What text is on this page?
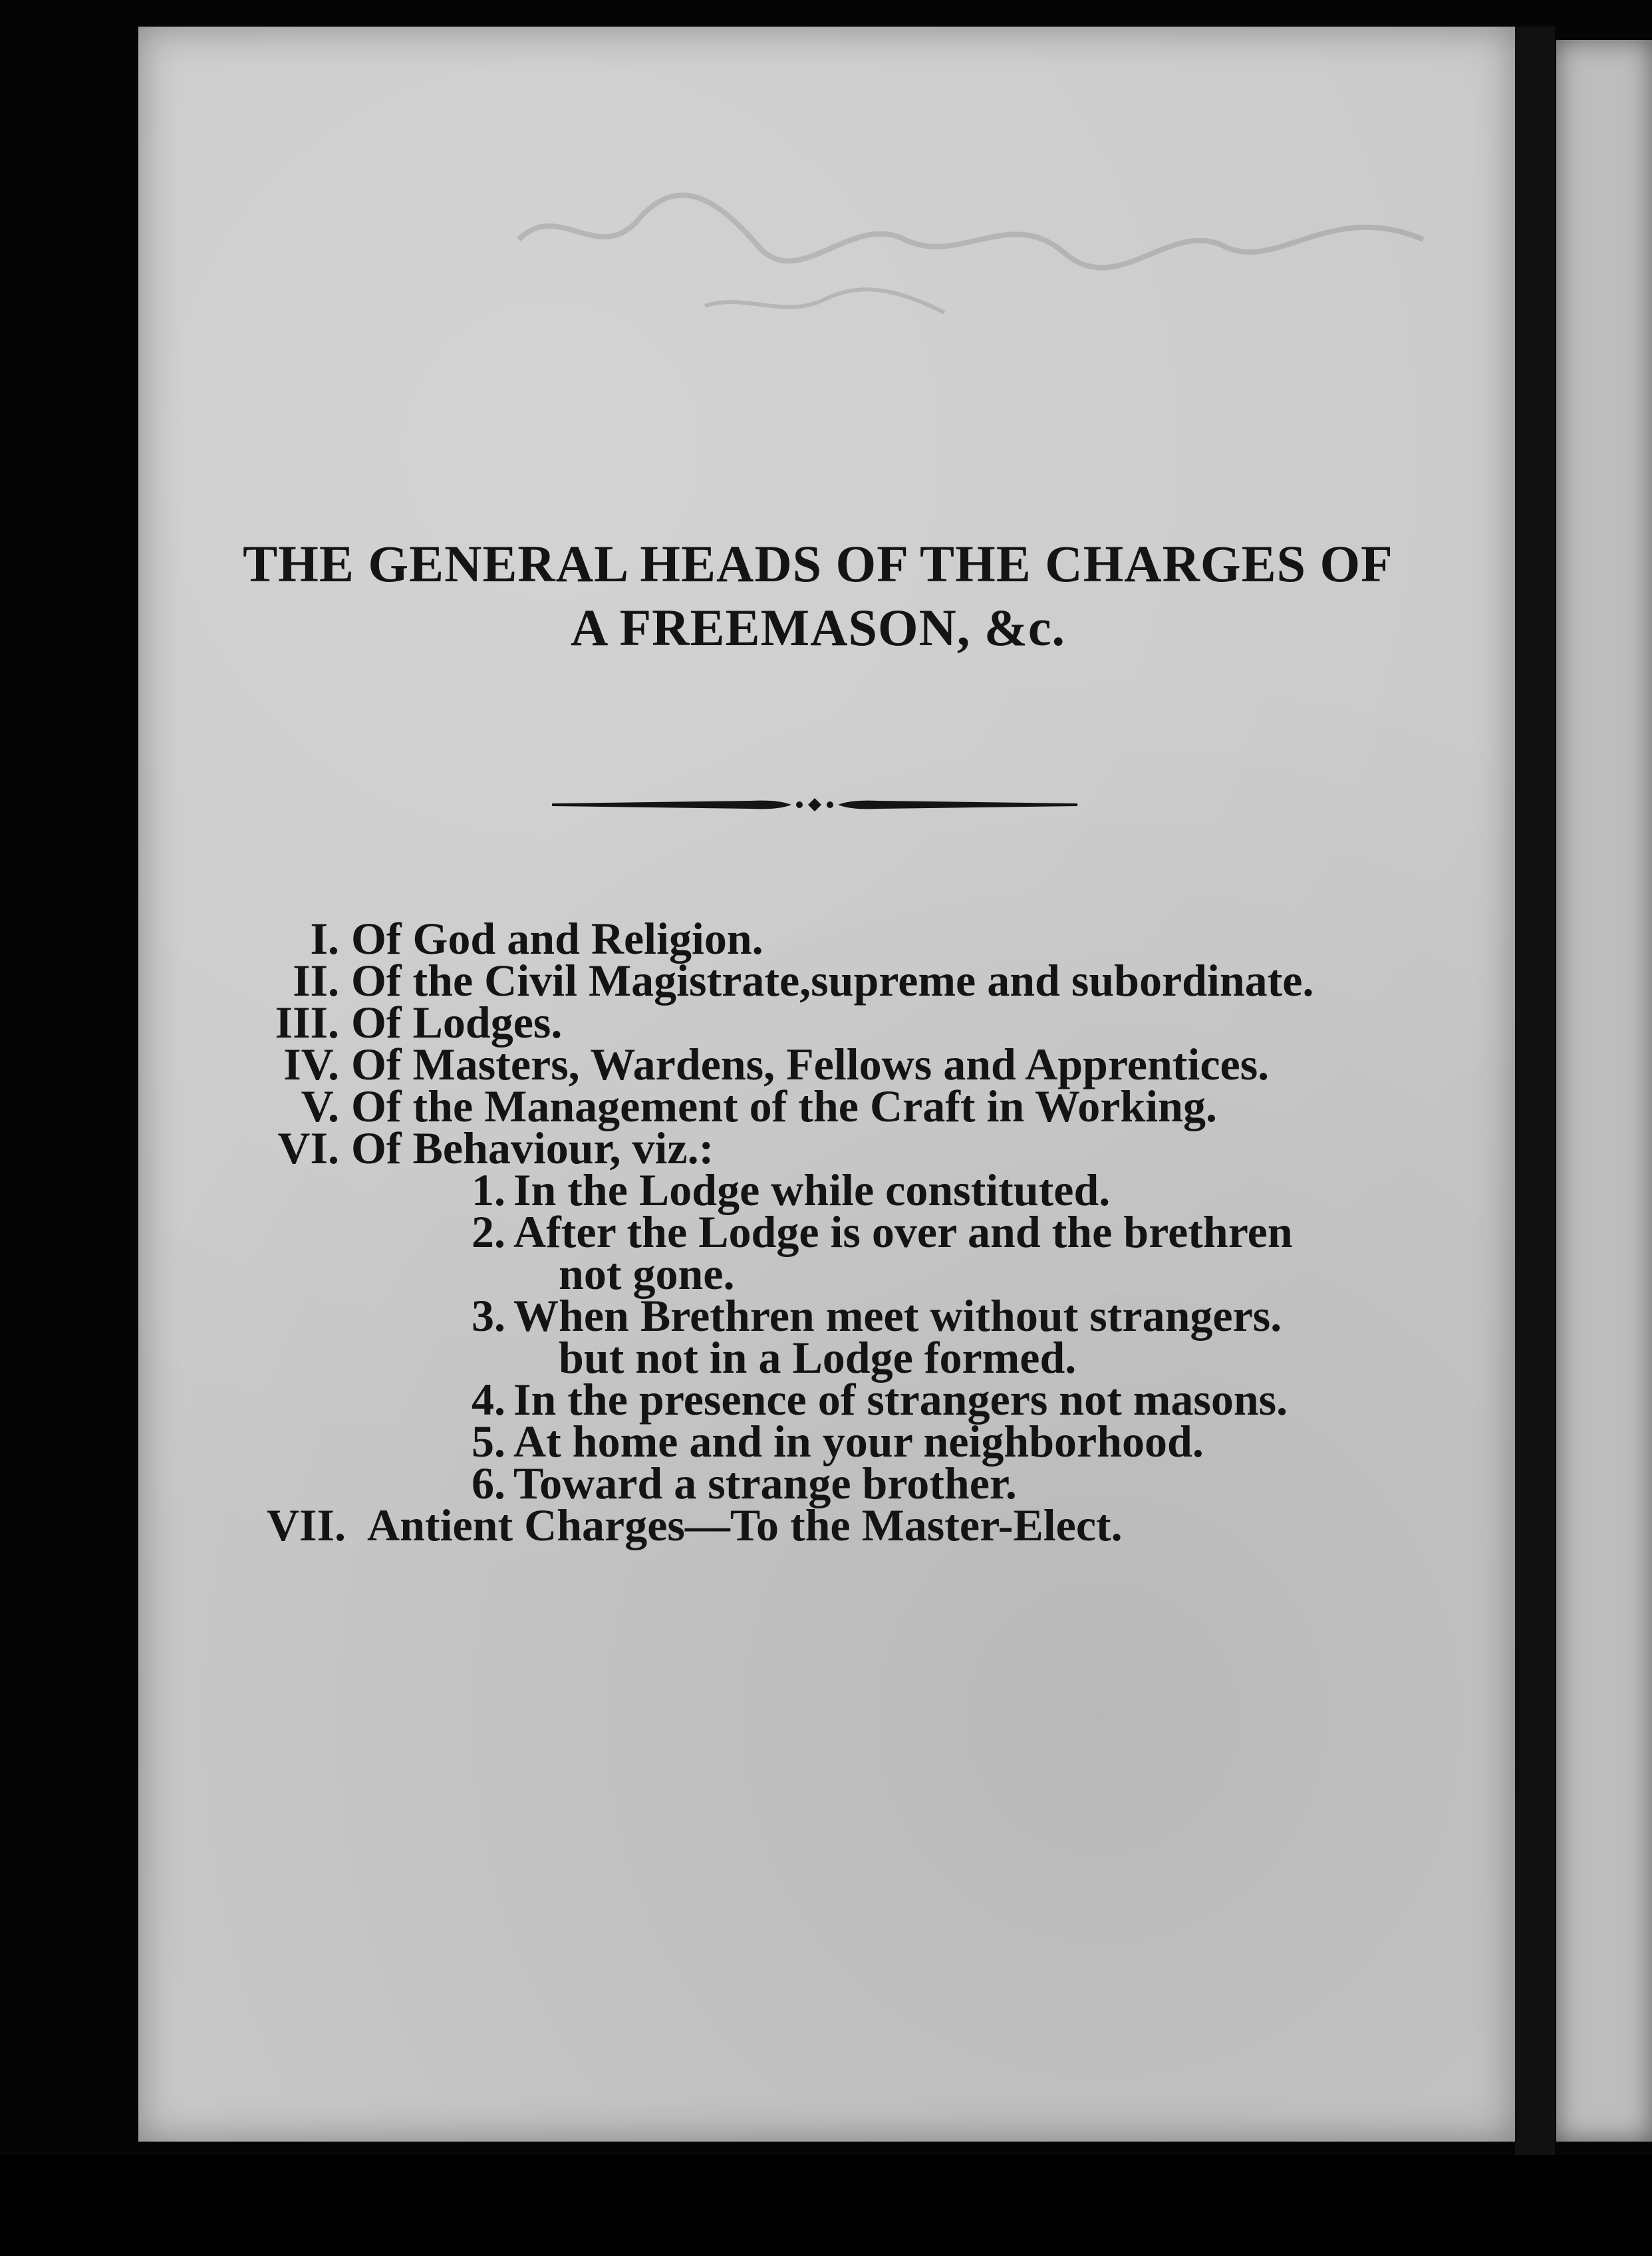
THE GENERAL HEADS OF THE CHARGES OF
A FREEMASON, &c.
I. Of God and Religion.
II. Of the Civil Magistrate,supreme and subordinate.
III. Of Lodges.
IV. Of Masters, Wardens, Fellows and Apprentices.
V. Of the Management of the Craft in Working.
VI. Of Behaviour, viz.:
1. In the Lodge while constituted.
2. After the Lodge is over and the brethren
not gone.
3. When Brethren meet without strangers.
but not in a Lodge formed.
4. In the presence of strangers not masons.
5. At home and in your neighborhood.
6. Toward a strange brother.
VII. Antient Charges—To the Master-Elect.
